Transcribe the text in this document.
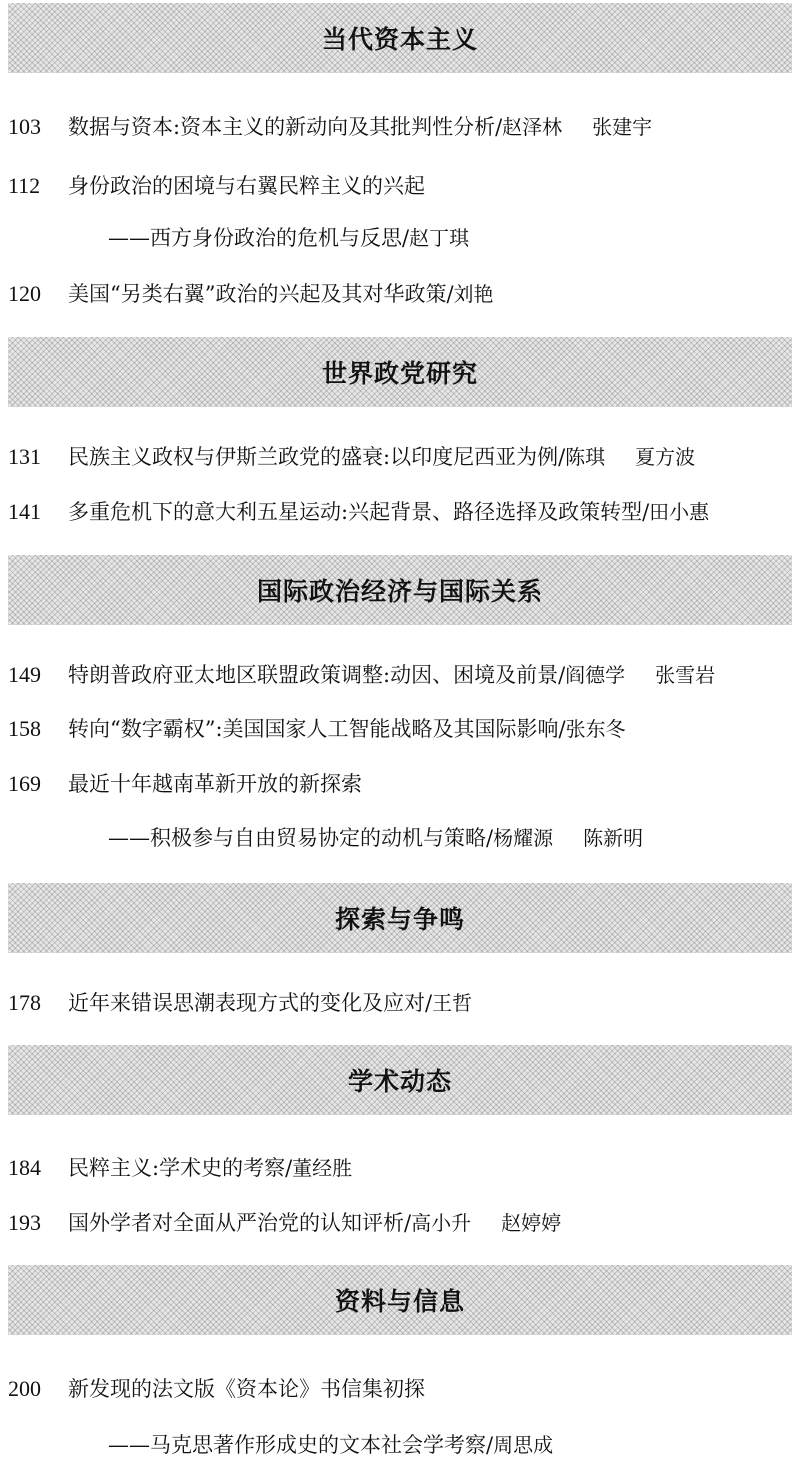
当代资本主义
103	数据与资本:资本主义的新动向及其批判性分析/赵泽林 张建宇
112	身份政治的困境与右翼民粹主义的兴起
——西方身份政治的危机与反思/赵丁琪
120	美国“另类右翼”政治的兴起及其对华政策/刘艳
世界政党研究
131	民族主义政权与伊斯兰政党的盛衰:以印度尼西亚为例/陈琪 夏方波
141	多重危机下的意大利五星运动:兴起背景、路径选择及政策转型/田小惠
国际政治经济与国际关系
149	特朗普政府亚太地区联盟政策调整:动因、困境及前景/阎德学 张雪岩
158	转向“数字霸权”:美国国家人工智能战略及其国际影响/张东冬
169	最近十年越南革新开放的新探索
——积极参与自由贸易协定的动机与策略/杨耀源 陈新明
探索与争鸣
178	近年来错误思潮表现方式的变化及应对/王哲
学术动态
184	民粹主义:学术史的考察/董经胜
193	国外学者对全面从严治党的认知评析/高小升 赵婷婷
资料与信息
200	新发现的法文版《资本论》书信集初探
——马克思著作形成史的文本社会学考察/周思成
